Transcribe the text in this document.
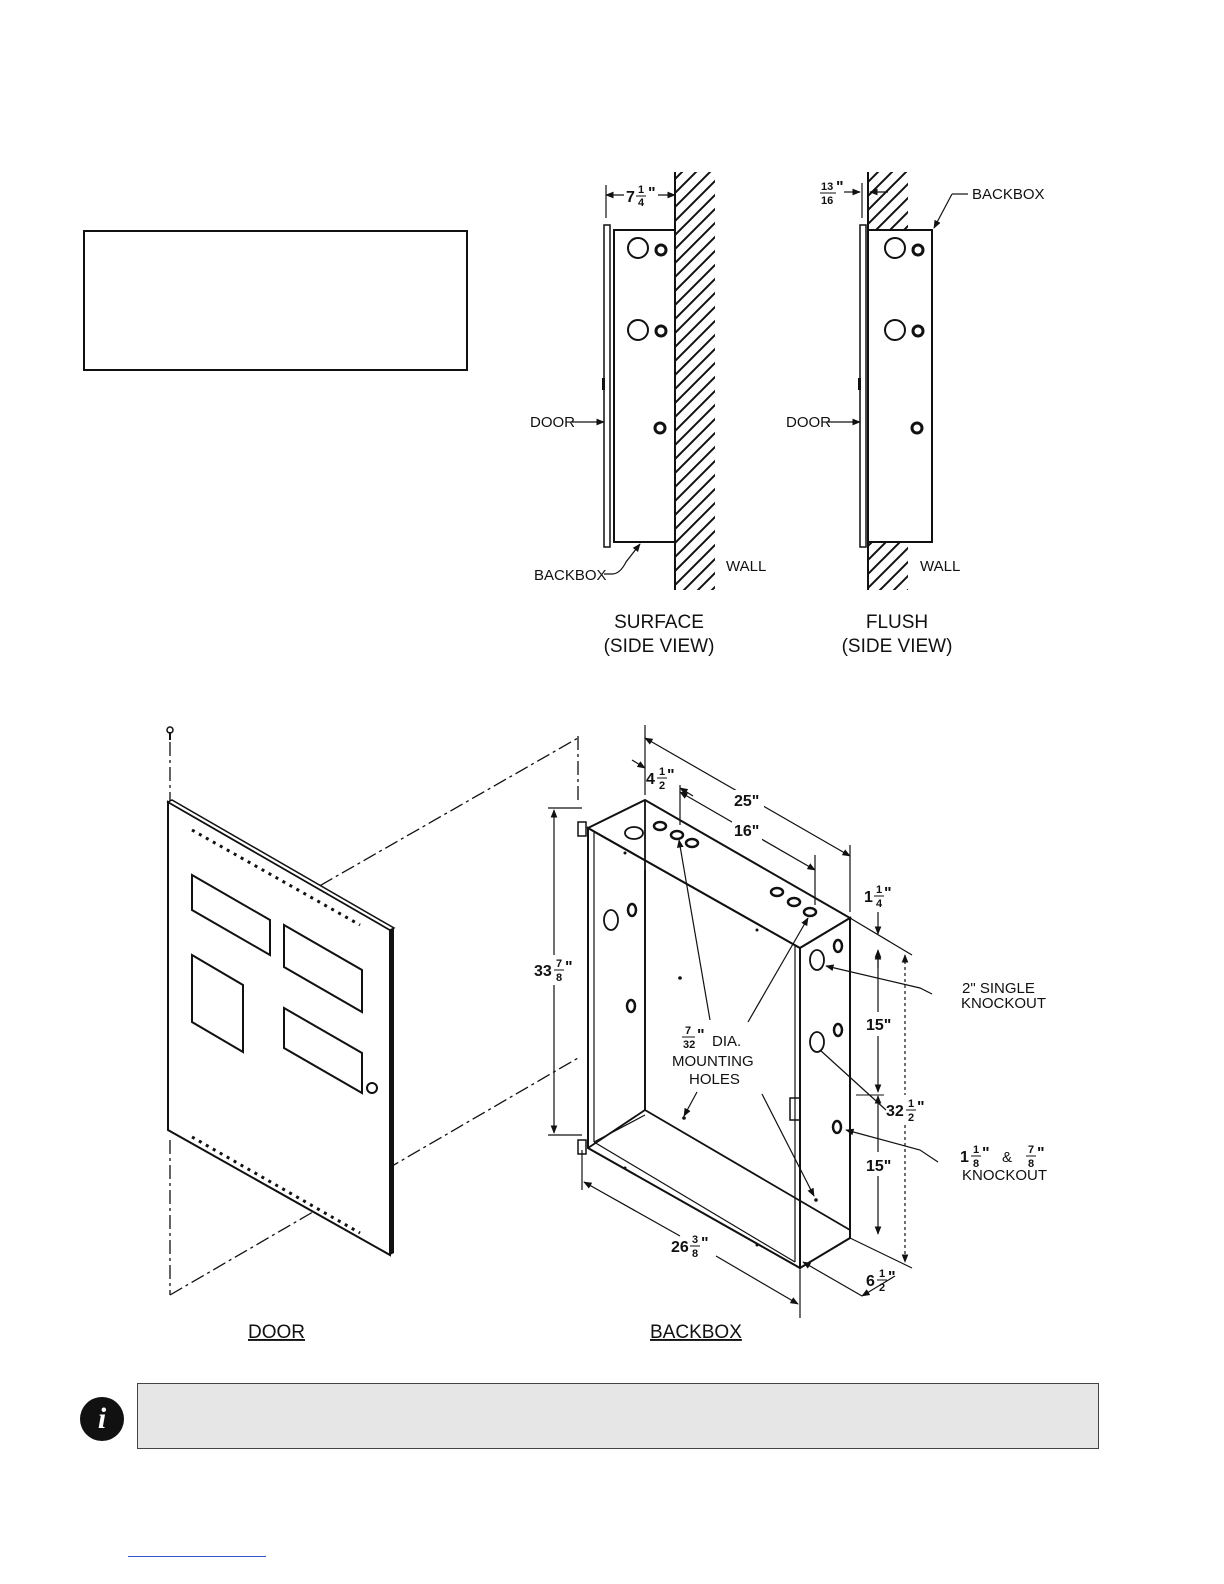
7 1
4
"
DOOR
BACKBOX
WALL
SURFACE
(SIDE VIEW)
13
16
"	BACKBOX
DOOR
WALL
FLUSH
(SIDE VIEW)
DOOR
25"
16"
4 1
2
"
1 1
4
"
33 7
8
"
32 1
2
"
15"
15"
26 3
8
"
6 1
2
"
7
32
" DIA.
MOUNTING
HOLES
2" SINGLE
KNOCKOUT
1 1
8
" & 7
8
"
KNOCKOUT
BACKBOX
i
